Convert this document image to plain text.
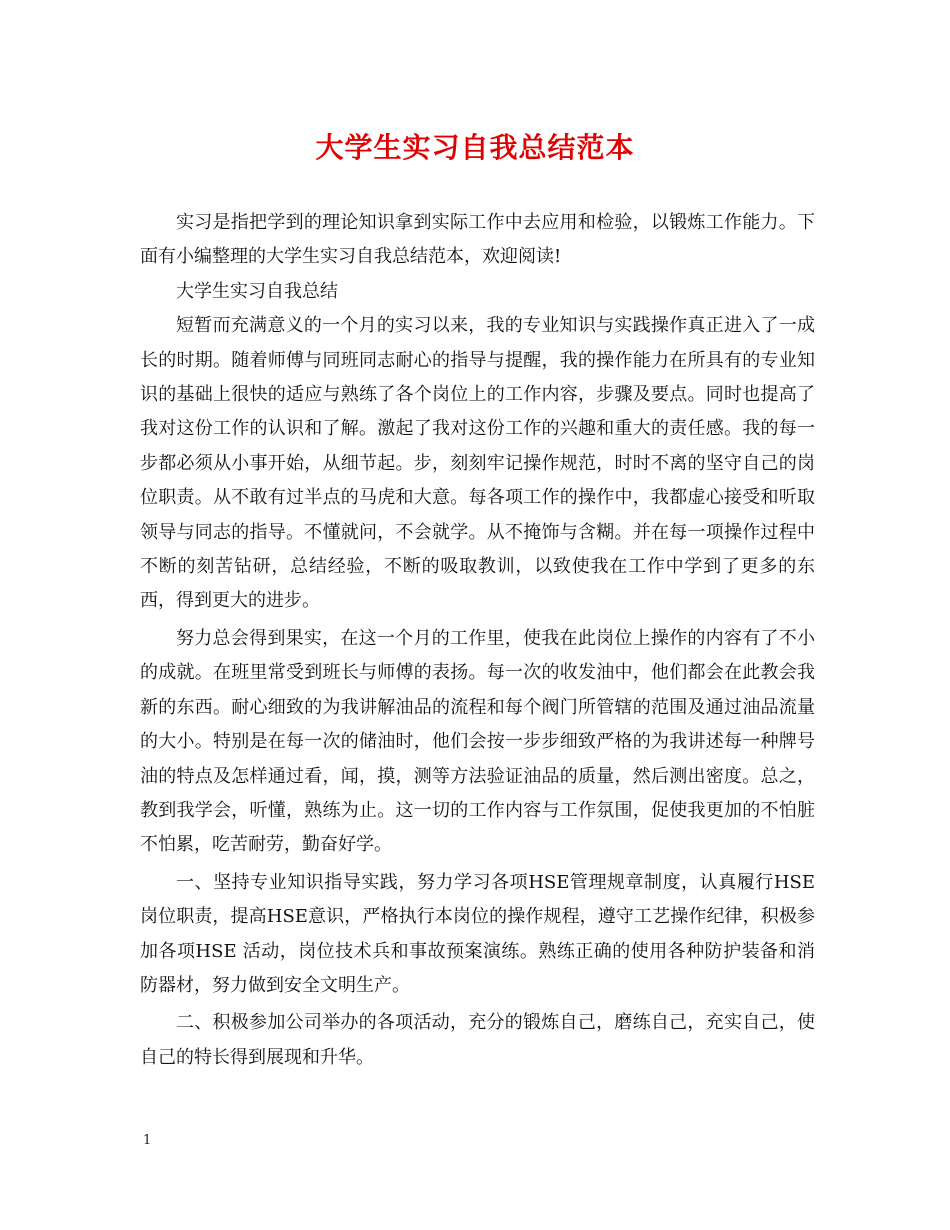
大学生实习自我总结范本

实习是指把学到的理论知识拿到实际工作中去应用和检验，以锻炼工作能力。下面有小编整理的大学生实习自我总结范本，欢迎阅读!

大学生实习自我总结

短暂而充满意义的一个月的实习以来，我的专业知识与实践操作真正进入了一成长的时期。随着师傅与同班同志耐心的指导与提醒，我的操作能力在所具有的专业知识的基础上很快的适应与熟练了各个岗位上的工作内容，步骤及要点。同时也提高了我对这份工作的认识和了解。激起了我对这份工作的兴趣和重大的责任感。我的每一步都必须从小事开始，从细节起。步，刻刻牢记操作规范，时时不离的坚守自己的岗位职责。从不敢有过半点的马虎和大意。每各项工作的操作中，我都虚心接受和听取领导与同志的指导。不懂就问，不会就学。从不掩饰与含糊。并在每一项操作过程中不断的刻苦钻研，总结经验，不断的吸取教训，以致使我在工作中学到了更多的东西，得到更大的进步。

努力总会得到果实，在这一个月的工作里，使我在此岗位上操作的内容有了不小的成就。在班里常受到班长与师傅的表扬。每一次的收发油中，他们都会在此教会我新的东西。耐心细致的为我讲解油品的流程和每个阀门所管辖的范围及通过油品流量的大小。特别是在每一次的储油时，他们会按一步步细致严格的为我讲述每一种牌号油的特点及怎样通过看，闻，摸，测等方法验证油品的质量，然后测出密度。总之，教到我学会，听懂，熟练为止。这一切的工作内容与工作氛围，促使我更加的不怕脏不怕累，吃苦耐劳，勤奋好学。

一、坚持专业知识指导实践，努力学习各项HSE管理规章制度，认真履行HSE岗位职责，提高HSE意识，严格执行本岗位的操作规程，遵守工艺操作纪律，积极参加各项HSE 活动，岗位技术兵和事故预案演练。熟练正确的使用各种防护装备和消防器材，努力做到安全文明生产。

二、积极参加公司举办的各项活动，充分的锻炼自己，磨练自己，充实自己，使自己的特长得到展现和升华。

1
